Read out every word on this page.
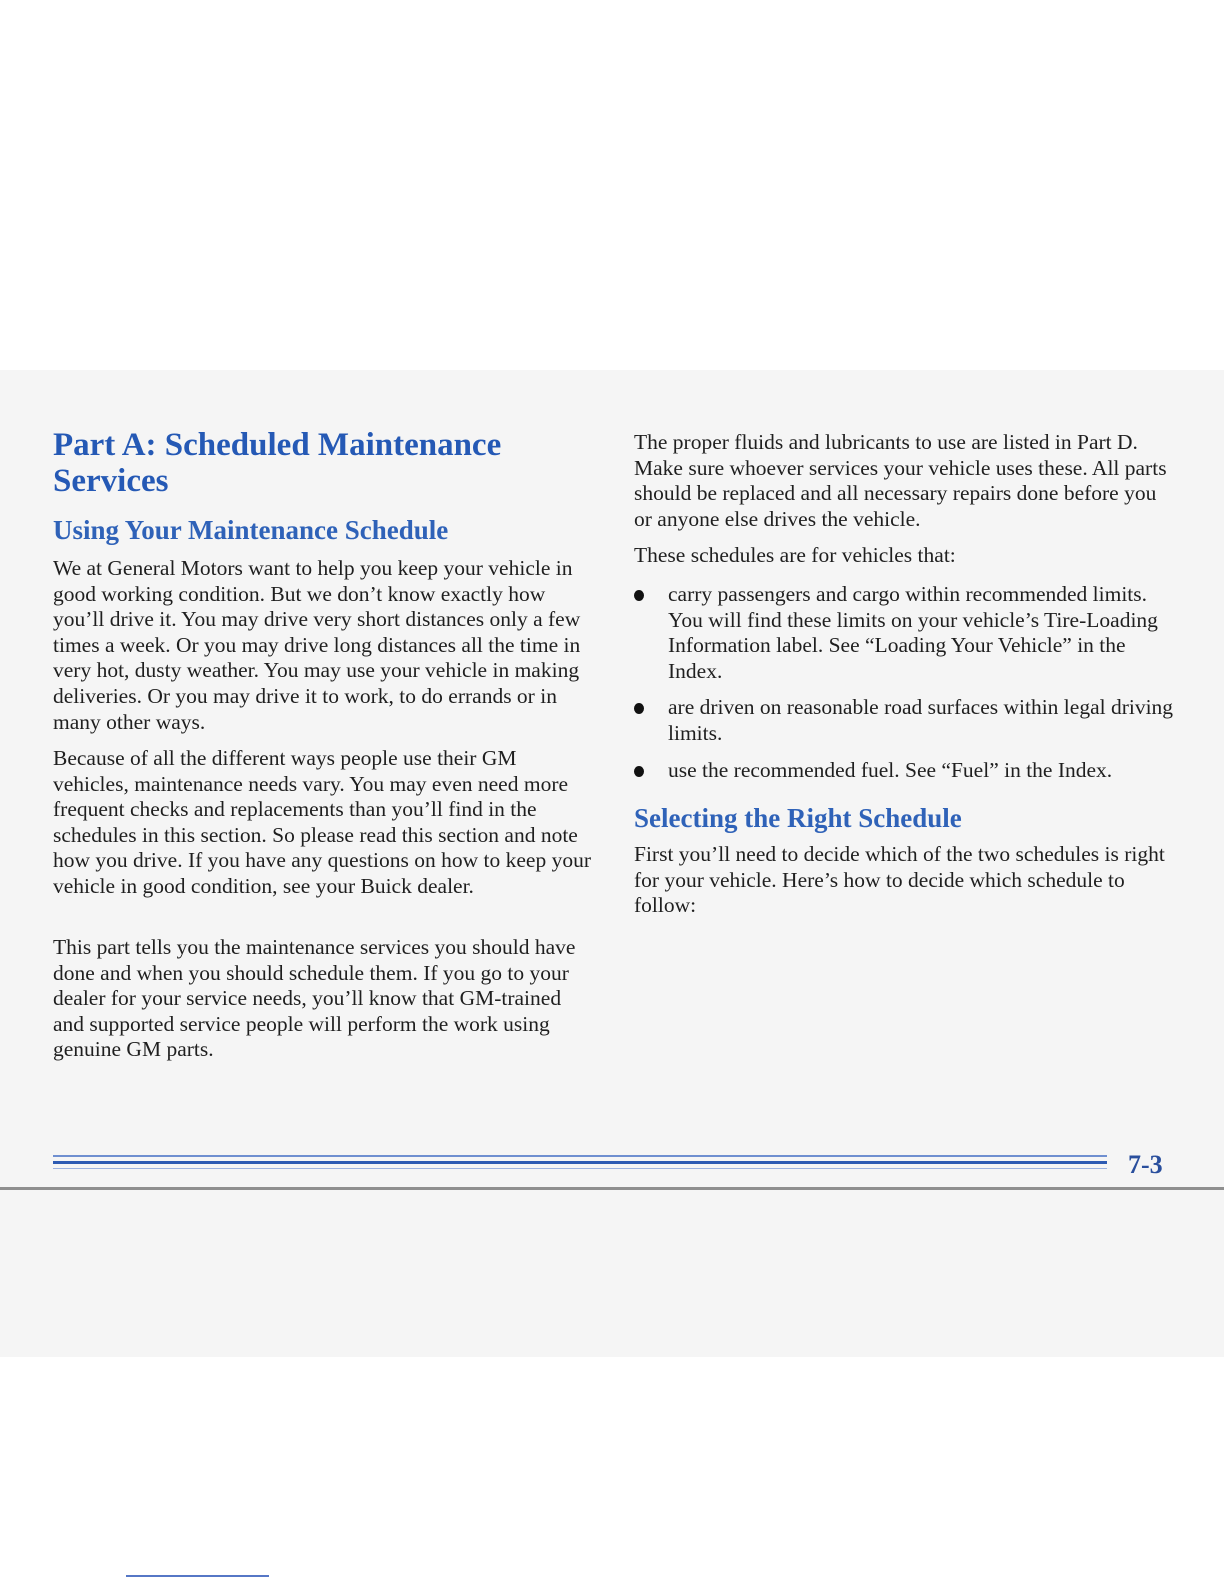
Part A: Scheduled Maintenance Services
Using Your Maintenance Schedule

We at General Motors want to help you keep your vehicle in good working condition. But we don’t know exactly how you’ll drive it. You may drive very short distances only a few times a week. Or you may drive long distances all the time in very hot, dusty weather. You may use your vehicle in making deliveries. Or you may drive it to work, to do errands or in many other ways.

Because of all the different ways people use their GM vehicles, maintenance needs vary. You may even need more frequent checks and replacements than you’ll find in the schedules in this section. So please read this section and note how you drive. If you have any questions on how to keep your vehicle in good condition, see your Buick dealer.

This part tells you the maintenance services you should have done and when you should schedule them. If you go to your dealer for your service needs, you’ll know that GM-trained and supported service people will perform the work using genuine GM parts.

The proper fluids and lubricants to use are listed in Part D. Make sure whoever services your vehicle uses these. All parts should be replaced and all necessary repairs done before you or anyone else drives the vehicle.

These schedules are for vehicles that:

carry passengers and cargo within recommended limits. You will find these limits on your vehicle’s Tire-Loading Information label. See “Loading Your Vehicle” in the Index.
are driven on reasonable road surfaces within legal driving limits.
use the recommended fuel. See “Fuel” in the Index.
Selecting the Right Schedule

First you’ll need to decide which of the two schedules is right for your vehicle. Here’s how to decide which schedule to follow:

7-3
